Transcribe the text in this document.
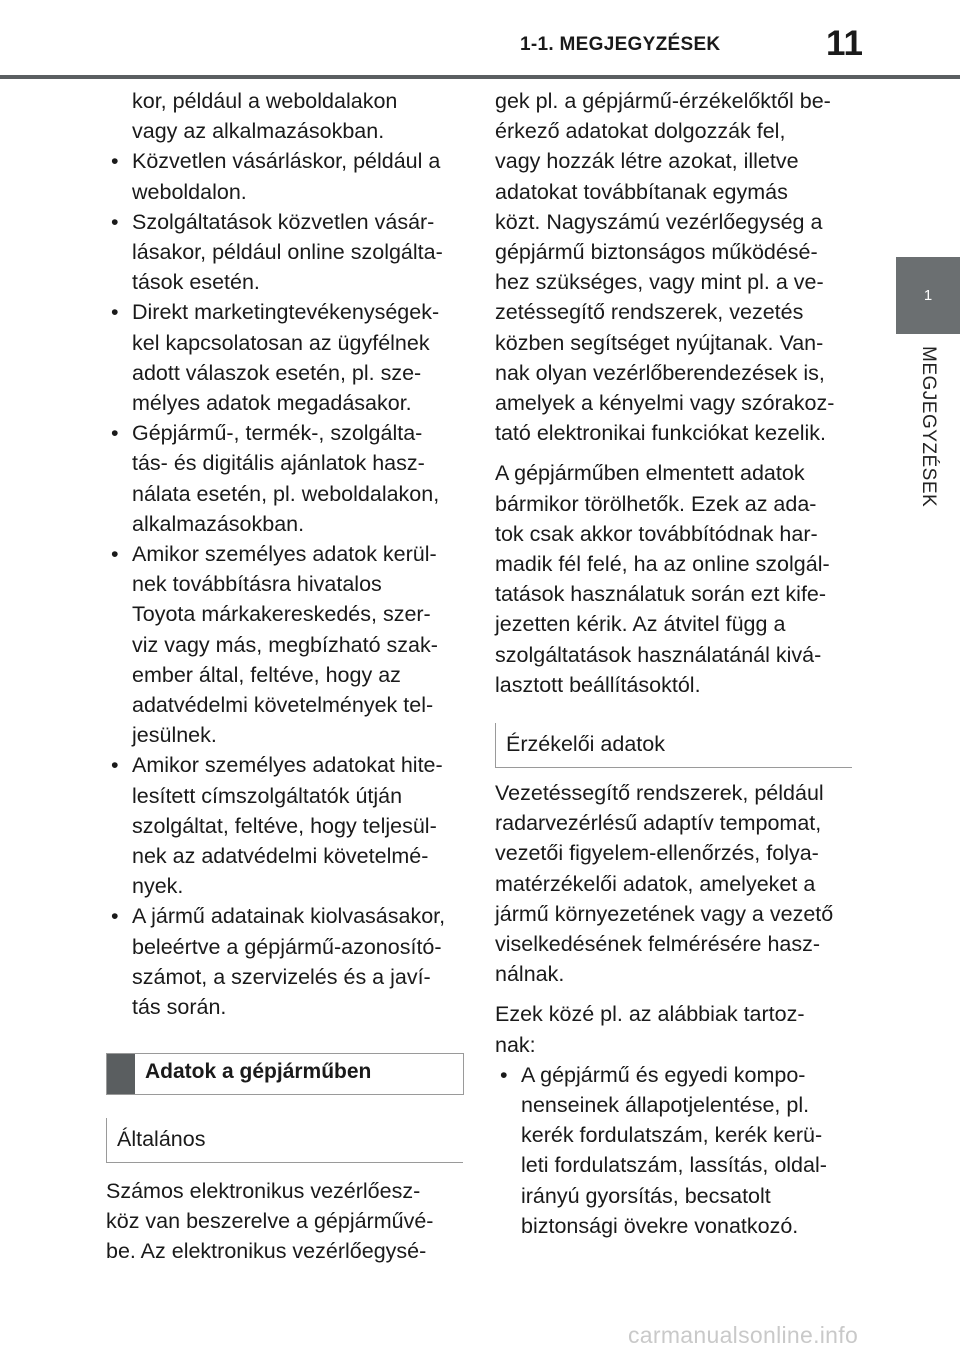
1-1. MEGJEGYZÉSEK	11
1
MEGJEGYZÉSEK
kor, például a weboldalakon
vagy az alkalmazásokban.
• Közvetlen vásárláskor, például a
weboldalon.
• Szolgáltatások közvetlen vásár-
lásakor, például online szolgálta-
tások esetén.
• Direkt marketingtevékenységek-
kel kapcsolatosan az ügyfélnek
adott válaszok esetén, pl. sze-
mélyes adatok megadásakor.
• Gépjármű-, termék-, szolgálta-
tás- és digitális ajánlatok hasz-
nálata esetén, pl. weboldalakon,
alkalmazásokban.
• Amikor személyes adatok kerül-
nek továbbításra hivatalos
Toyota márkakereskedés, szer-
viz vagy más, megbízható szak-
ember által, feltéve, hogy az
adatvédelmi követelmények tel-
jesülnek.
• Amikor személyes adatokat hite-
lesített címszolgáltatók útján
szolgáltat, feltéve, hogy teljesül-
nek az adatvédelmi követelmé-
nyek.
• A jármű adatainak kiolvasásakor,
beleértve a gépjármű-azonosító-
számot, a szervizelés és a javí-
tás során.
Adatok a gépjárműben
Általános
Számos elektronikus vezérlőesz-
köz van beszerelve a gépjárművé-
be. Az elektronikus vezérlőegysé-

gek pl. a gépjármű-érzékelőktől be-
érkező adatokat dolgozzák fel,
vagy hozzák létre azokat, illetve
adatokat továbbítanak egymás
közt. Nagyszámú vezérlőegység a
gépjármű biztonságos működésé-
hez szükséges, vagy mint pl. a ve-
zetéssegítő rendszerek, vezetés
közben segítséget nyújtanak. Van-
nak olyan vezérlőberendezések is,
amelyek a kényelmi vagy szórakoz-
tató elektronikai funkciókat kezelik.

A gépjárműben elmentett adatok
bármikor törölhetők. Ezek az ada-
tok csak akkor továbbítódnak har-
madik fél felé, ha az online szolgál-
tatások használatuk során ezt kife-
jezetten kérik. Az átvitel függ a
szolgáltatások használatánál kivá-
lasztott beállításoktól.

Érzékelői adatok

Vezetéssegítő rendszerek, például
radarvezérlésű adaptív tempomat,
vezetői figyelem-ellenőrzés, folya-
matérzékelői adatok, amelyeket a
jármű környezetének vagy a vezető
viselkedésének felmérésére hasz-
nálnak.

Ezek közé pl. az alábbiak tartoz-
nak:

• A gépjármű és egyedi kompo-
nenseinek állapotjelentése, pl.
kerék fordulatszám, kerék kerü-
leti fordulatszám, lassítás, oldal-
irányú gyorsítás, becsatolt
biztonsági övekre vonatkozó.
carmanualsonline.info
